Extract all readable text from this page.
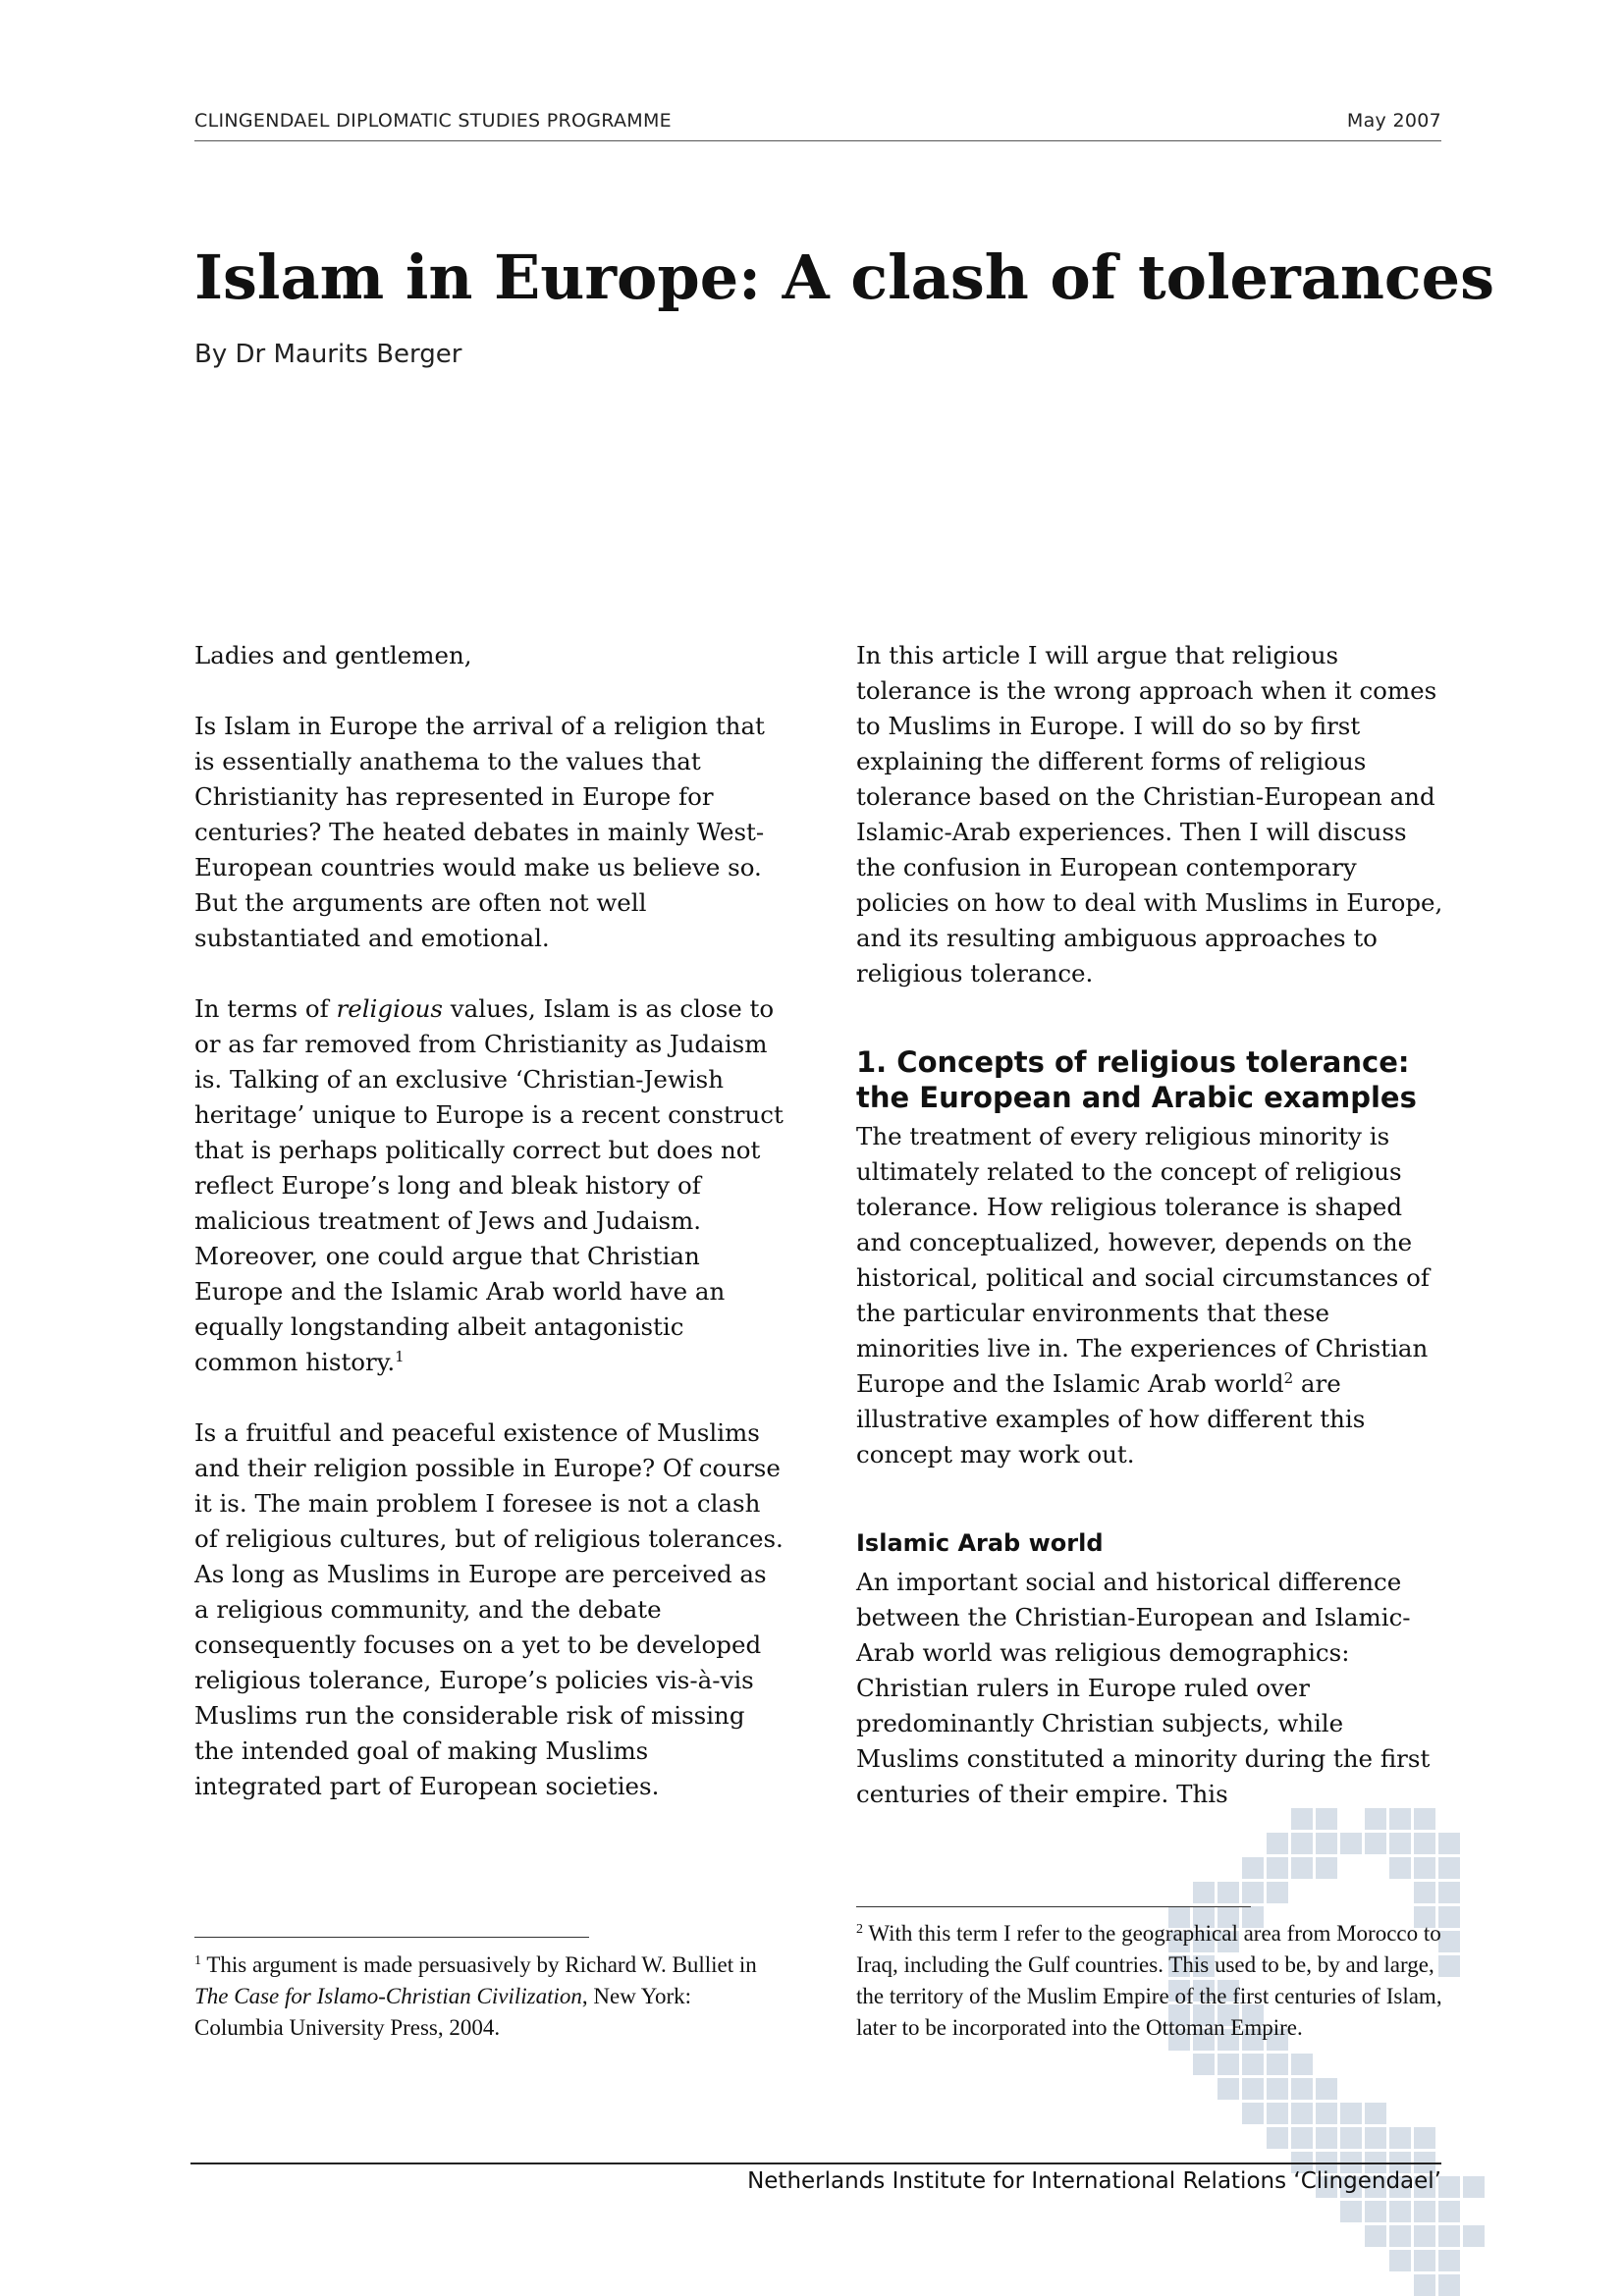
CLINGENDAEL DIPLOMATIC STUDIES PROGRAMME	May 2007
Islam in Europe: A clash of tolerances
By Dr Maurits Berger

Ladies and gentlemen,

Is Islam in Europe the arrival of a religion that is essentially anathema to the values that Christianity has represented in Europe for centuries? The heated debates in mainly West- European countries would make us believe so. But the arguments are often not well substantiated and emotional.

In terms of religious values, Islam is as close to or as far removed from Christianity as Judaism is. Talking of an exclusive ‘Christian-Jewish heritage’ unique to Europe is a recent construct that is perhaps politically correct but does not reflect Europe’s long and bleak history of malicious treatment of Jews and Judaism. Moreover, one could argue that Christian Europe and the Islamic Arab world have an equally longstanding albeit antagonistic common history.$^1$

Is a fruitful and peaceful existence of Muslims and their religion possible in Europe? Of course it is. The main problem I foresee is not a clash of religious cultures, but of religious tolerances. As long as Muslims in Europe are perceived as a religious community, and the debate consequently focuses on a yet to be developed religious tolerance, Europe’s policies vis-à-vis Muslims run the considerable risk of missing the intended goal of making Muslims integrated part of European societies.

In this article I will argue that religious tolerance is the wrong approach when it comes to Muslims in Europe. I will do so by first explaining the different forms of religious tolerance based on the Christian-European and Islamic-Arab experiences. Then I will discuss the confusion in European contemporary policies on how to deal with Muslims in Europe, and its resulting ambiguous approaches to religious tolerance.

1. Concepts of religious tolerance: the European and Arabic examples

The treatment of every religious minority is ultimately related to the concept of religious tolerance. How religious tolerance is shaped and conceptualized, however, depends on the historical, political and social circumstances of the particular environments that these minorities live in. The experiences of Christian Europe and the Islamic Arab world$^2$ are illustrative examples of how different this concept may work out.

Islamic Arab world

An important social and historical difference between the Christian-European and Islamic-Arab world was religious demographics: Christian rulers in Europe ruled over predominantly Christian subjects, while Muslims constituted a minority during the first centuries of their empire. This

$^1$ This argument is made persuasively by Richard W. Bulliet in The Case for Islamo-Christian Civilization, New York: Columbia University Press, 2004.
$^2$ With this term I refer to the geographical area from Morocco to Iraq, including the Gulf countries. This used to be, by and large, the territory of the Muslim Empire of the first centuries of Islam, later to be incorporated into the Ottoman Empire.
Netherlands Institute for International Relations ‘Clingendael’
